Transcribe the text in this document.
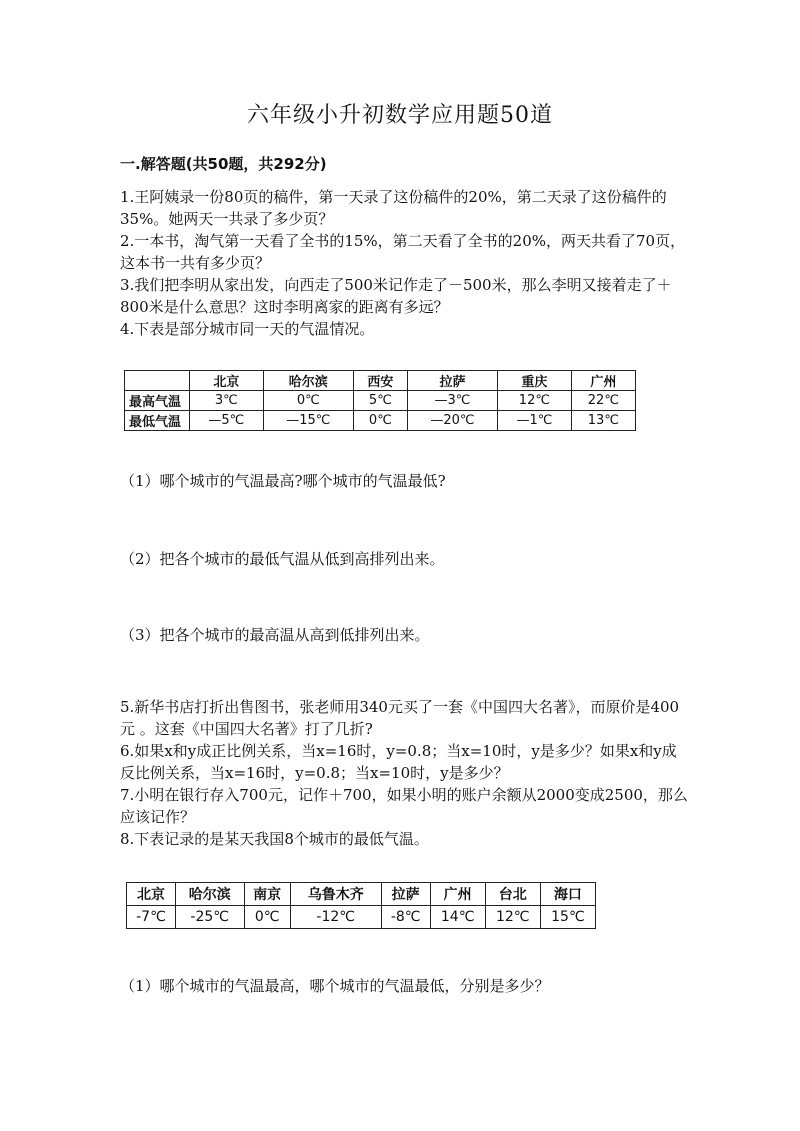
六年级小升初数学应用题50道
一.解答题(共50题，共292分)

1.王阿姨录一份80页的稿件，第一天录了这份稿件的20%，第二天录了这份稿件的35%。她两天一共录了多少页？

2.一本书，淘气第一天看了全书的15%，第二天看了全书的20%，两天共看了70页，这本书一共有多少页？

3.我们把李明从家出发，向西走了500米记作走了－500米，那么李明又接着走了＋800米是什么意思？这时李明离家的距离有多远？

4.下表是部分城市同一天的气温情况。

	北京	哈尔滨	西安	拉萨	重庆	广州
最高气温	3℃	0℃	5℃	—3℃	12℃	22℃
最低气温	—5℃	—15℃	0℃	—20℃	—1℃	13℃
（1）哪个城市的气温最高?哪个城市的气温最低?
（2）把各个城市的最低气温从低到高排列出来。
（3）把各个城市的最高温从高到低排列出来。

5.新华书店打折出售图书，张老师用340元买了一套《中国四大名著》，而原价是400元 。这套《中国四大名著》打了几折?

6.如果x和y成正比例关系，当x=16时，y=0.8；当x=10时，y是多少？如果x和y成反比例关系，当x=16时，y=0.8；当x=10时，y是多少？

7.小明在银行存入700元，记作＋700，如果小明的账户余额从2000变成2500，那么应该记作？

8.下表记录的是某天我国8个城市的最低气温。

北京	哈尔滨	南京	乌鲁木齐	拉萨	广州	台北	海口
-7℃	-25℃	0℃	-12℃	-8℃	14℃	12℃	15℃
（1）哪个城市的气温最高，哪个城市的气温最低，分别是多少？
